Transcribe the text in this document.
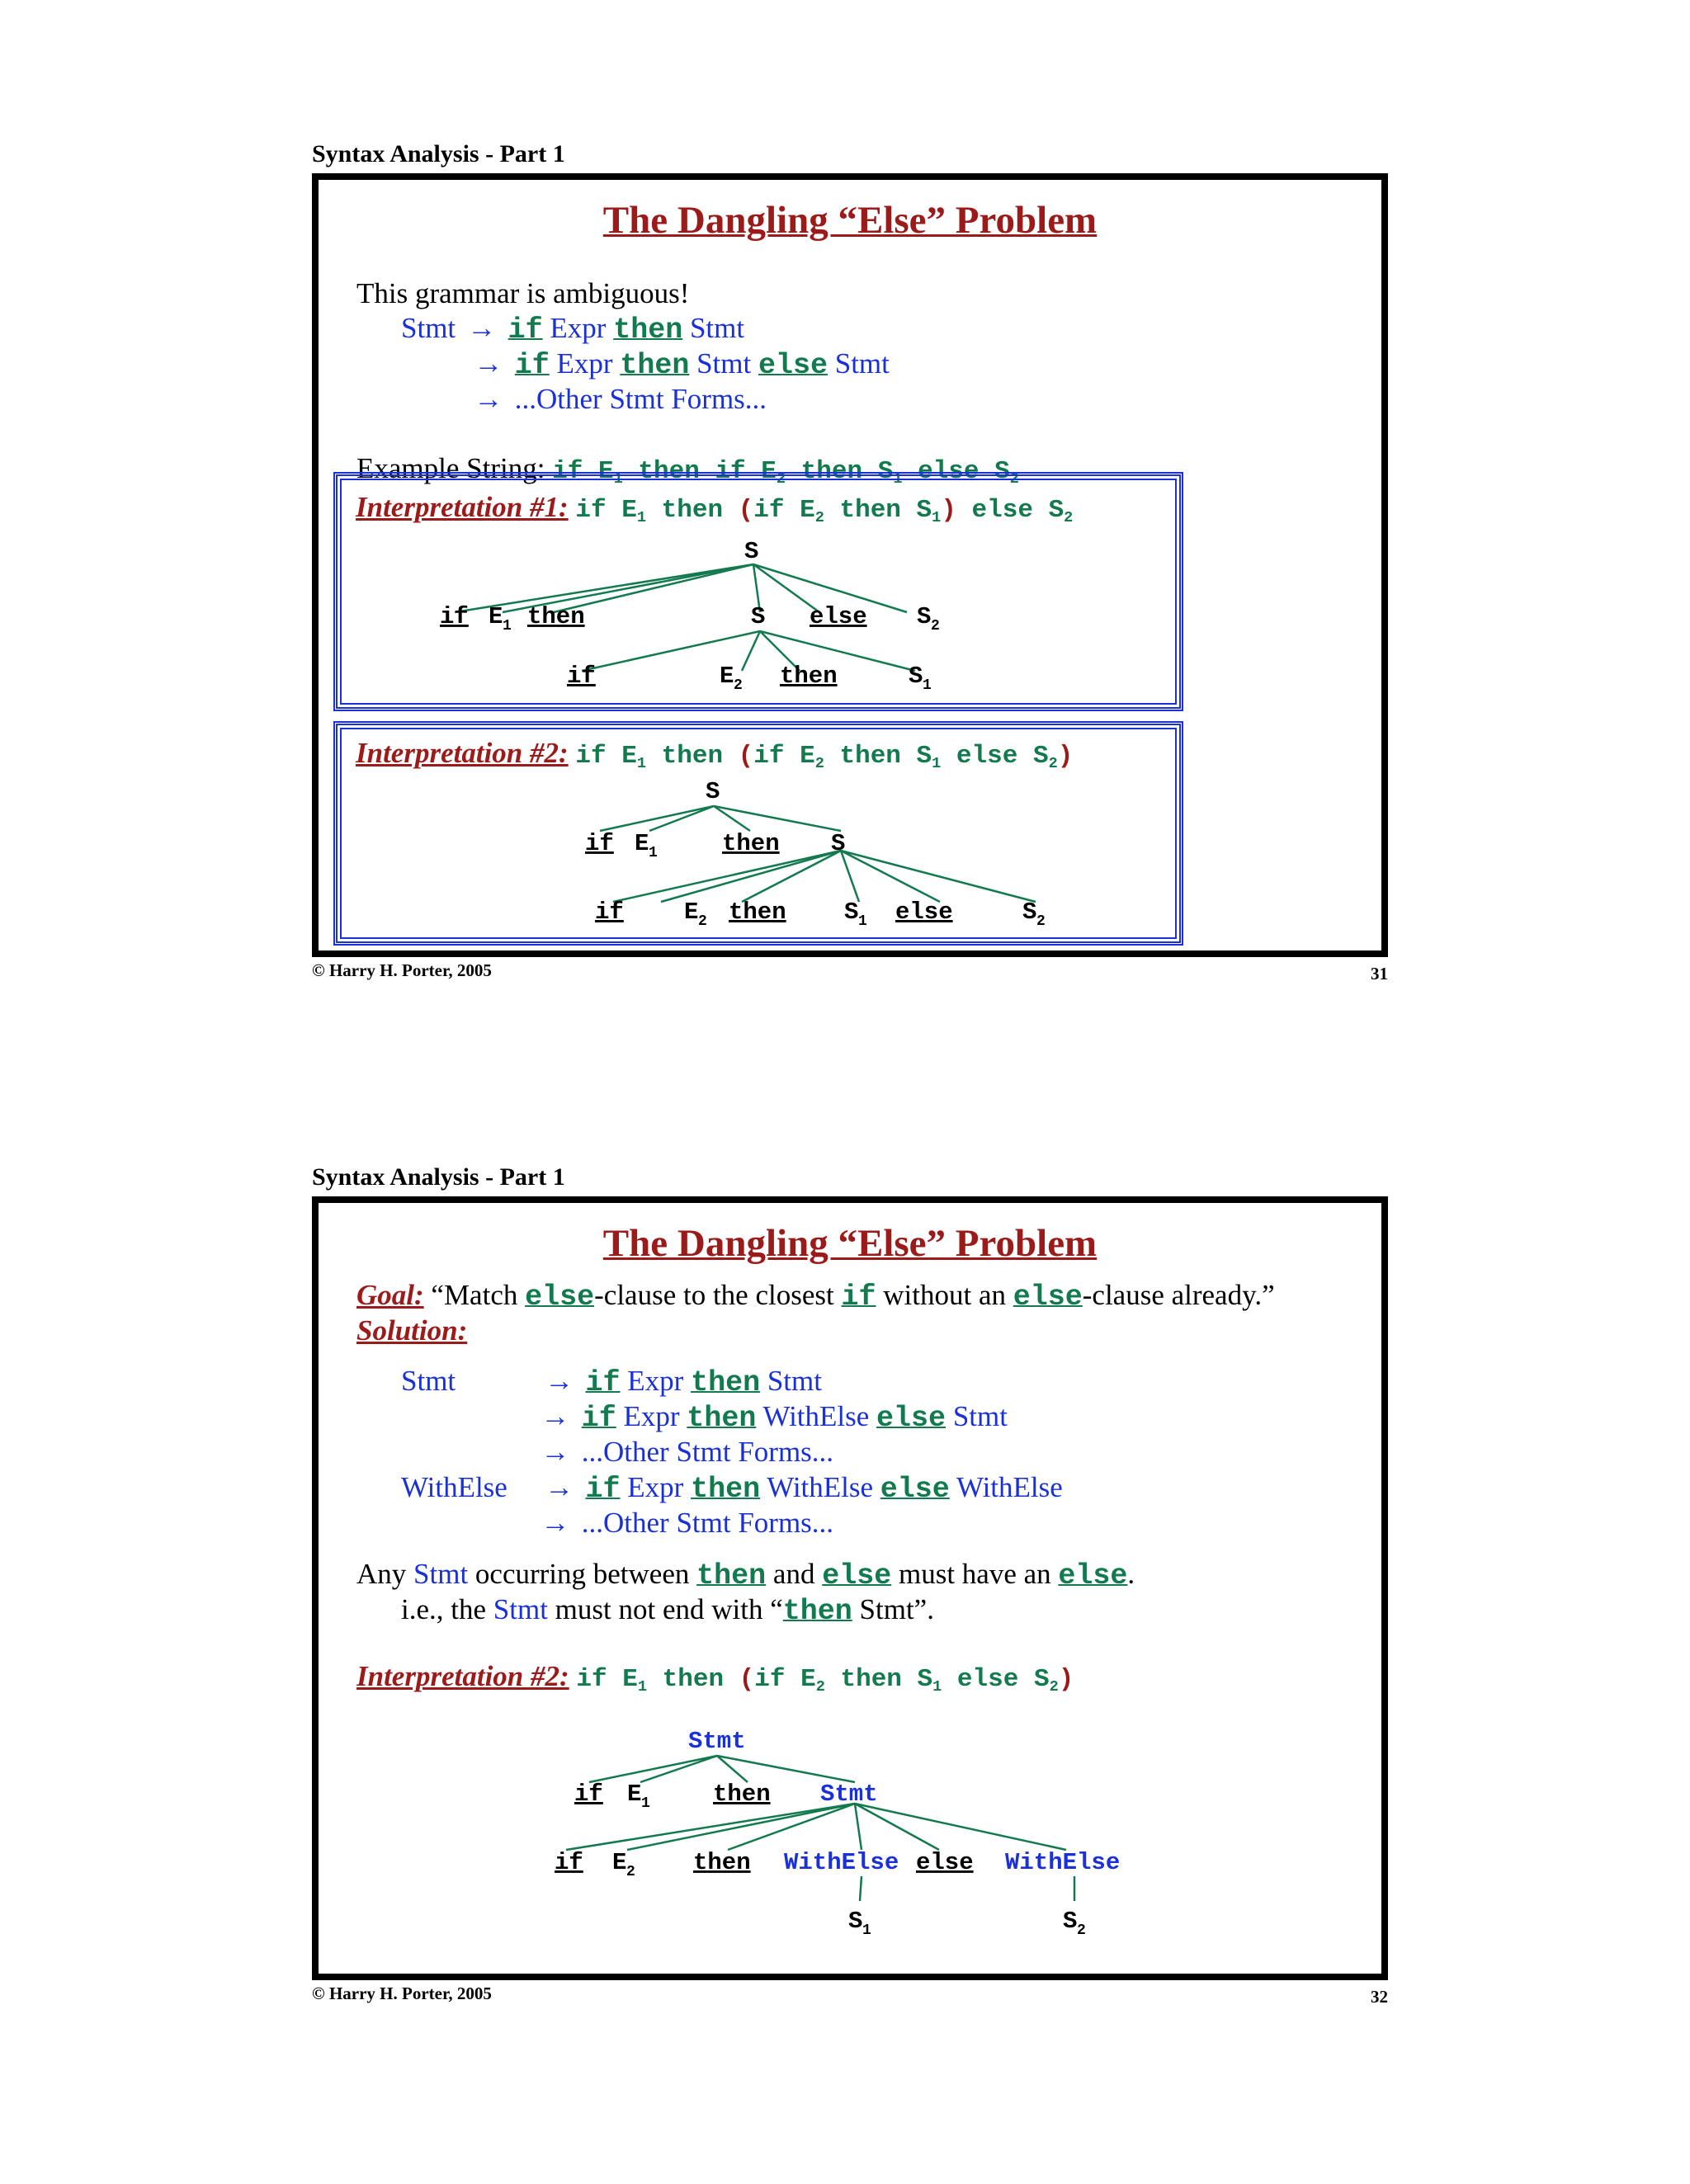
Syntax Analysis - Part 1
The Dangling “Else” Problem
This grammar is ambiguous!
Stmt → if Expr then Stmt
→ if Expr then Stmt else Stmt
→ ...Other Stmt Forms...
Example String: if $E_1$ then if $E_2$ then $S_1$ else $S_2$
Interpretation #1: if $E_1$ then (if $E_2$ then $S_1$) else $S_2$
S
if E 1 then	S else S 2
if	E 2 then	S 1
Interpretation #2: if $E_1$ then (if $E_2$ then $S_1$ else $S_2$)
S
if E 1	then S
if	E 2 then S 1 else	S 2
© Harry H. Porter, 2005	31
Syntax Analysis - Part 1
The Dangling “Else” Problem
Goal: “Match else-clause to the closest if without an else-clause already.”
Solution:
Stmt	→ if Expr then Stmt
→ if Expr then WithElse else Stmt
→ ...Other Stmt Forms...
WithElse → if Expr then WithElse else WithElse
→ ...Other Stmt Forms...
Any Stmt occurring between then and else must have an else.
i.e., the Stmt must not end with “then Stmt”.
Interpretation #2: if $E_1$ then (if $E_2$ then $S_1$ else $S_2$)
Stmt
if E 1	then Stmt
if E 2 then WithElse else WithElse
S 1	S 2
© Harry H. Porter, 2005	32
